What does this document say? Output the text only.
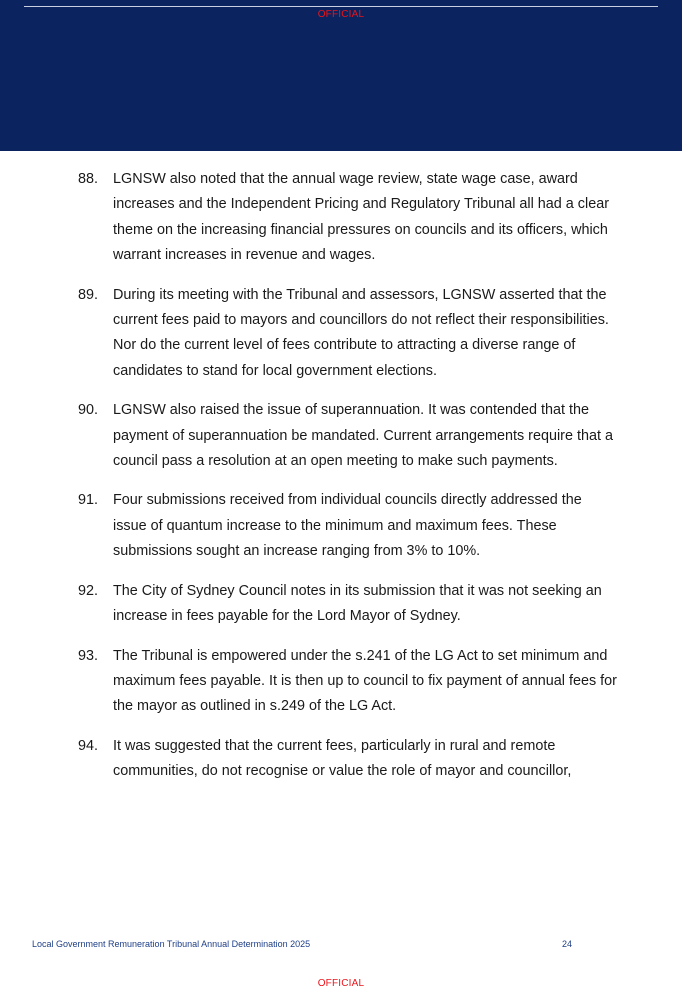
OFFICIAL
88.	LGNSW also noted that the annual wage review, state wage case, award increases and the Independent Pricing and Regulatory Tribunal all had a clear theme on the increasing financial pressures on councils and its officers, which warrant increases in revenue and wages.
89.	During its meeting with the Tribunal and assessors, LGNSW asserted that the current fees paid to mayors and councillors do not reflect their responsibilities. Nor do the current level of fees contribute to attracting a diverse range of candidates to stand for local government elections.
90.	LGNSW also raised the issue of superannuation. It was contended that the payment of superannuation be mandated. Current arrangements require that a council pass a resolution at an open meeting to make such payments.
91.	Four submissions received from individual councils directly addressed the issue of quantum increase to the minimum and maximum fees. These submissions sought an increase ranging from 3% to 10%.
92.	The City of Sydney Council notes in its submission that it was not seeking an increase in fees payable for the Lord Mayor of Sydney.
93.	The Tribunal is empowered under the s.241 of the LG Act to set minimum and maximum fees payable. It is then up to council to fix payment of annual fees for the mayor as outlined in s.249 of the LG Act.
94.	It was suggested that the current fees, particularly in rural and remote communities, do not recognise or value the role of mayor and councillor,
Local Government Remuneration Tribunal Annual Determination 2025	24
OFFICIAL
